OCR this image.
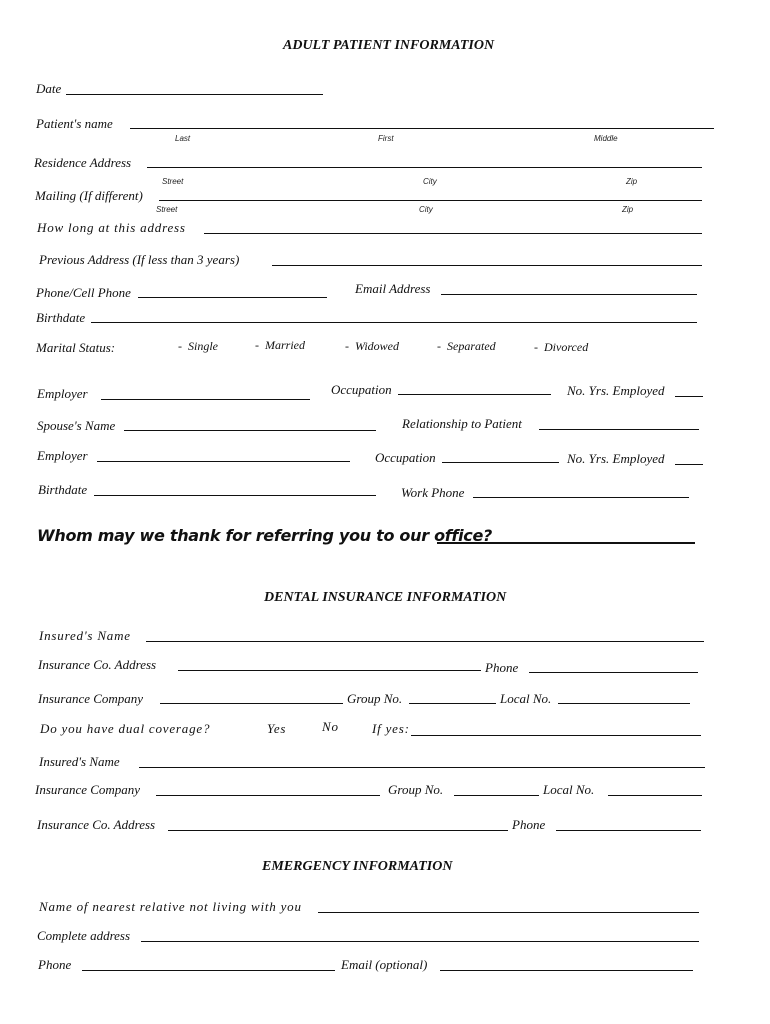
ADULT PATIENT INFORMATION
Date
Patient's name
Last	First	Middle
Residence Address
Street	City	Zip
Mailing (If different)
Street	City	Zip
How long at this address
Previous Address (If less than 3 years)
Phone/Cell Phone	Email Address
Birthdate
Marital Status:	-  Single	-  Married	-  Widowed	-  Separated	-  Divorced
Employer	Occupation	No. Yrs. Employed
Spouse's Name	Relationship to Patient
Employer	Occupation	No. Yrs. Employed
Birthdate	Work Phone
Whom may we thank for referring you to our office?
DENTAL INSURANCE INFORMATION
Insured's Name
Insurance Co. Address	Phone
Insurance Company	Group No.	Local No.
Do you have dual coverage?	Yes	No	If yes:
Insured's Name
Insurance Company	Group No.	Local No.
Insurance Co. Address	Phone
EMERGENCY INFORMATION
Name of nearest relative not living with you
Complete address
Phone	Email (optional)
